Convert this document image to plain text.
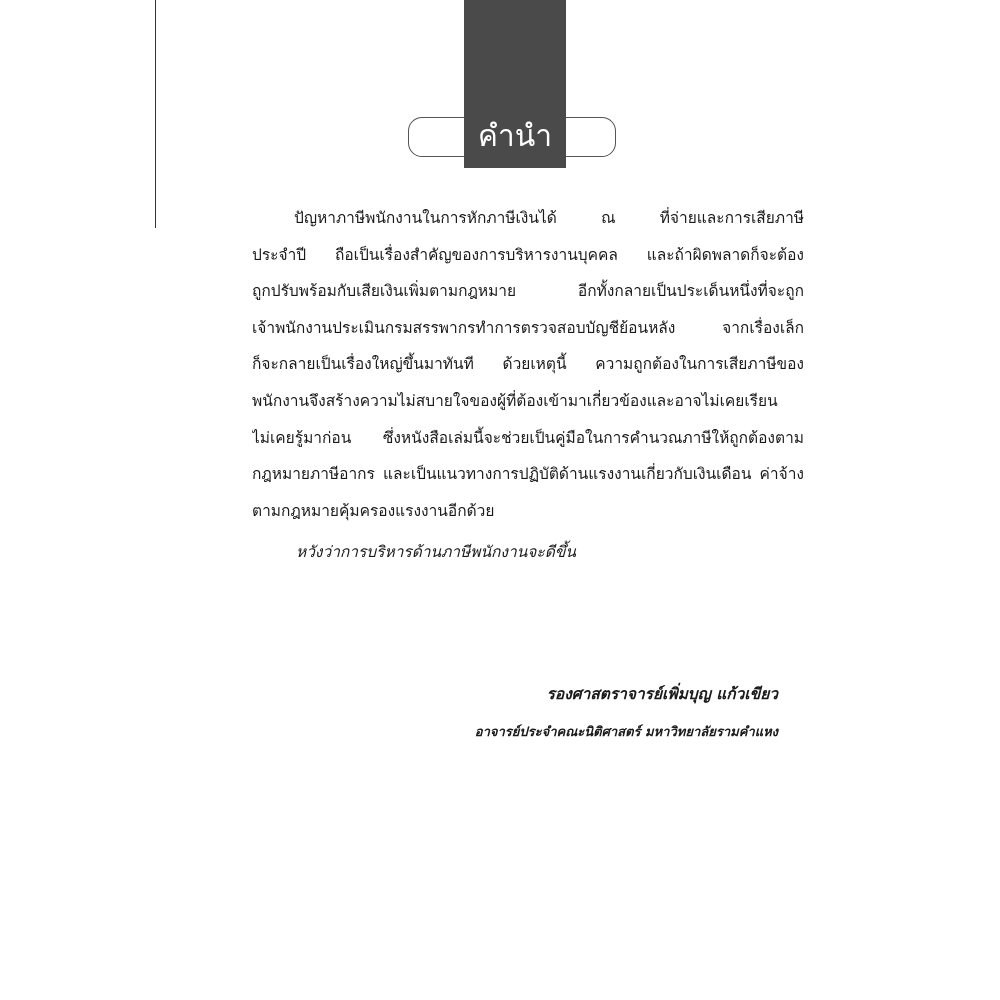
คำนำ
ปัญหาภาษีพนักงานในการหักภาษีเงินได้ ณ ที่จ่ายและการเสียภาษี
ประจำปี ถือเป็นเรื่องสำคัญของการบริหารงานบุคคล และถ้าผิดพลาดก็จะต้อง
ถูกปรับพร้อมกับเสียเงินเพิ่มตามกฎหมาย อีกทั้งกลายเป็นประเด็นหนึ่งที่จะถูก
เจ้าพนักงานประเมินกรมสรรพากรทำการตรวจสอบบัญชีย้อนหลัง จากเรื่องเล็ก
ก็จะกลายเป็นเรื่องใหญ่ขึ้นมาทันที ด้วยเหตุนี้ ความถูกต้องในการเสียภาษีของ
พนักงานจึงสร้างความไม่สบายใจของผู้ที่ต้องเข้ามาเกี่ยวข้องและอาจไม่เคยเรียน
ไม่เคยรู้มาก่อน ซึ่งหนังสือเล่มนี้จะช่วยเป็นคู่มือในการคำนวณภาษีให้ถูกต้องตาม
กฎหมายภาษีอากร และเป็นแนวทางการปฏิบัติด้านแรงงานเกี่ยวกับเงินเดือน ค่าจ้าง
ตามกฎหมายคุ้มครองแรงงานอีกด้วย
หวังว่าการบริหารด้านภาษีพนักงานจะดีขึ้น
รองศาสตราจารย์เพิ่มบุญ แก้วเขียว
อาจารย์ประจำคณะนิติศาสตร์ มหาวิทยาลัยรามคำแหง
